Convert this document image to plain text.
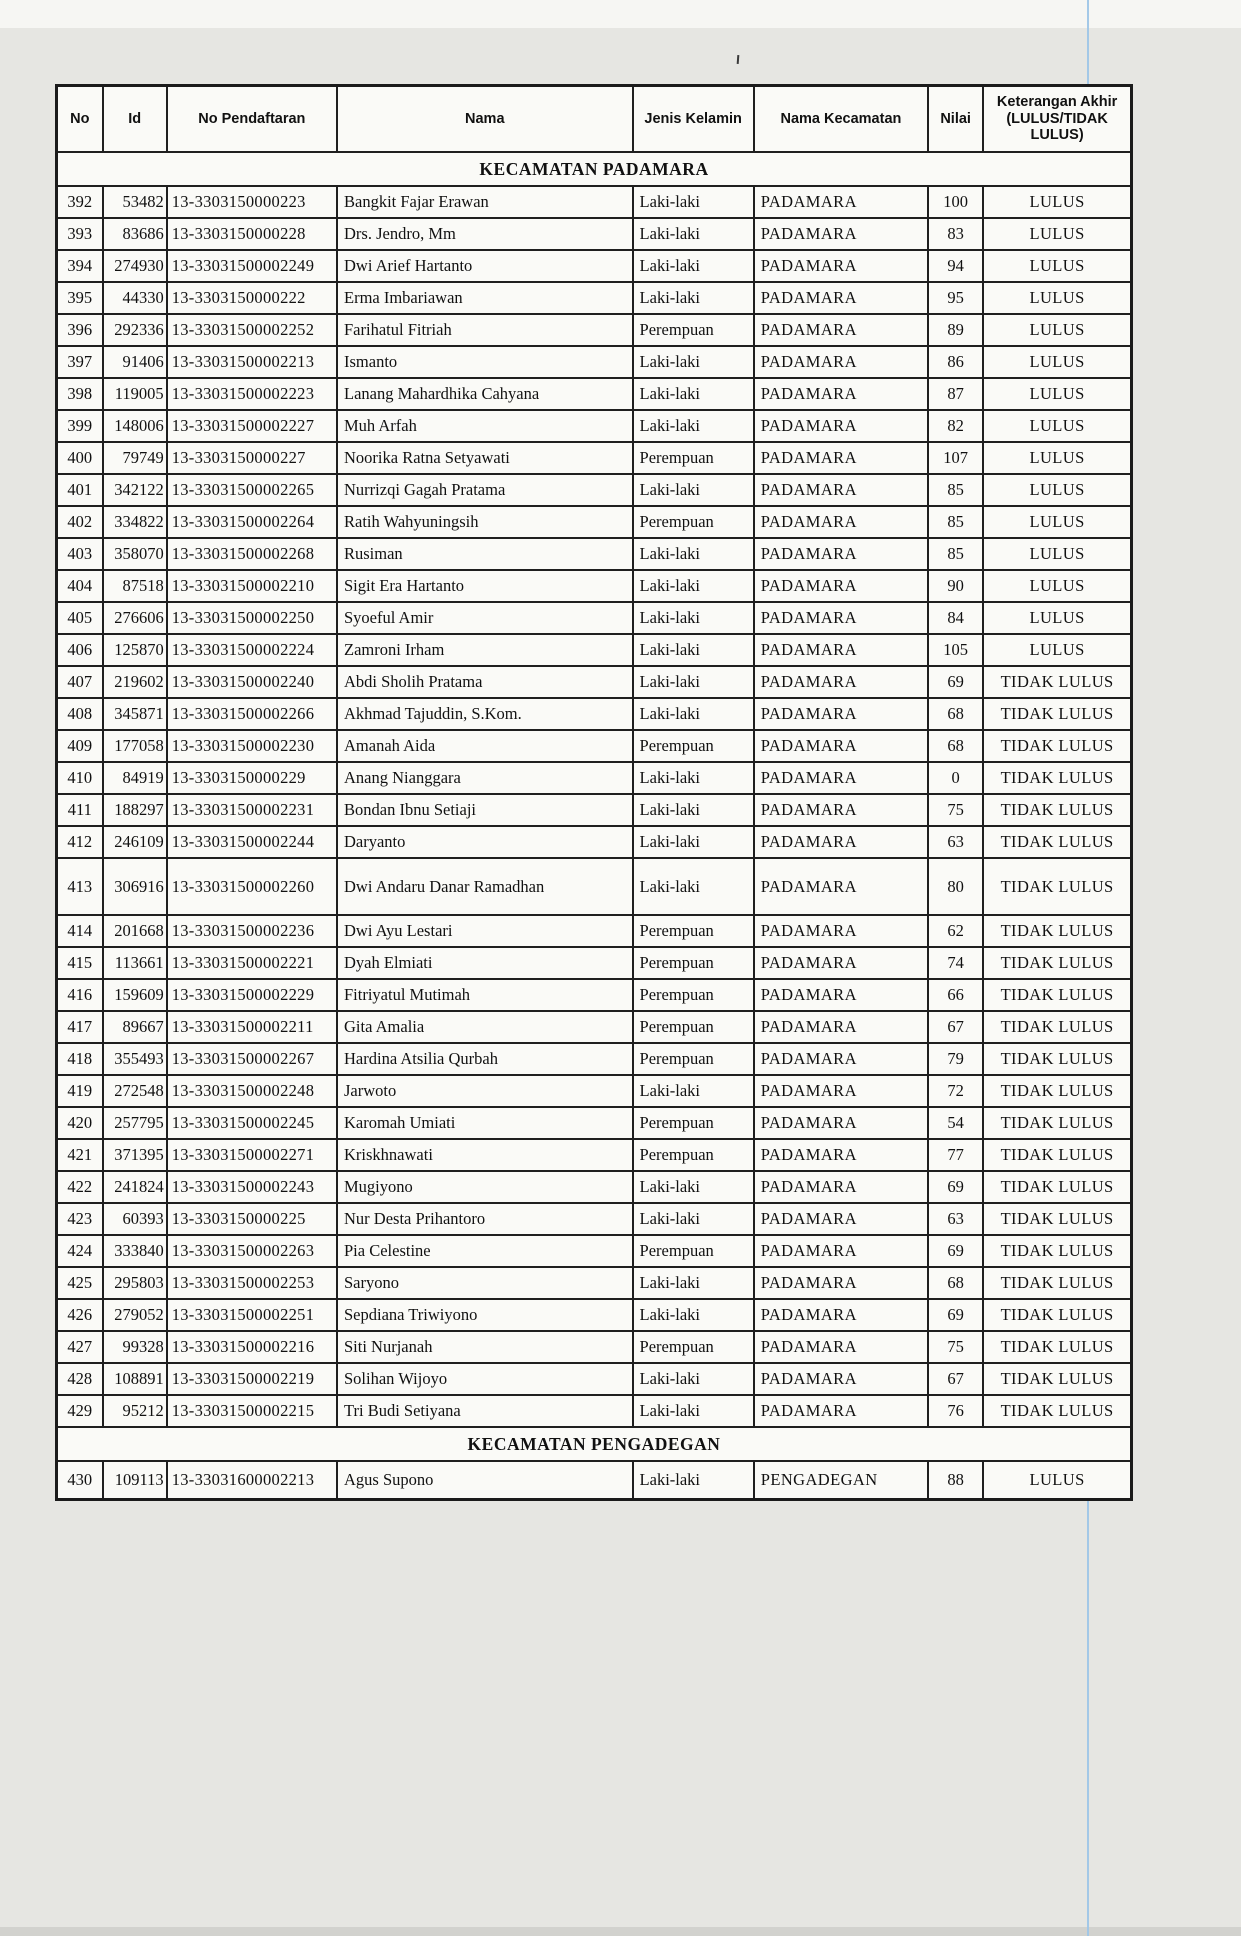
No	Id	No Pendaftaran	Nama	Jenis Kelamin	Nama Kecamatan	Nilai	Keterangan Akhir (LULUS/TIDAK LULUS)
KECAMATAN PADAMARA							
392	53482	13-3303150000223	Bangkit Fajar Erawan	Laki-laki	PADAMARA	100	LULUS
393	83686	13-3303150000228	Drs. Jendro, Mm	Laki-laki	PADAMARA	83	LULUS
394	274930	13-33031500002249	Dwi Arief Hartanto	Laki-laki	PADAMARA	94	LULUS
395	44330	13-3303150000222	Erma Imbariawan	Laki-laki	PADAMARA	95	LULUS
396	292336	13-33031500002252	Farihatul Fitriah	Perempuan	PADAMARA	89	LULUS
397	91406	13-33031500002213	Ismanto	Laki-laki	PADAMARA	86	LULUS
398	119005	13-33031500002223	Lanang Mahardhika Cahyana	Laki-laki	PADAMARA	87	LULUS
399	148006	13-33031500002227	Muh Arfah	Laki-laki	PADAMARA	82	LULUS
400	79749	13-3303150000227	Noorika Ratna Setyawati	Perempuan	PADAMARA	107	LULUS
401	342122	13-33031500002265	Nurrizqi Gagah Pratama	Laki-laki	PADAMARA	85	LULUS
402	334822	13-33031500002264	Ratih Wahyuningsih	Perempuan	PADAMARA	85	LULUS
403	358070	13-33031500002268	Rusiman	Laki-laki	PADAMARA	85	LULUS
404	87518	13-33031500002210	Sigit Era Hartanto	Laki-laki	PADAMARA	90	LULUS
405	276606	13-33031500002250	Syoeful Amir	Laki-laki	PADAMARA	84	LULUS
406	125870	13-33031500002224	Zamroni Irham	Laki-laki	PADAMARA	105	LULUS
407	219602	13-33031500002240	Abdi Sholih Pratama	Laki-laki	PADAMARA	69	TIDAK LULUS
408	345871	13-33031500002266	Akhmad Tajuddin, S.Kom.	Laki-laki	PADAMARA	68	TIDAK LULUS
409	177058	13-33031500002230	Amanah Aida	Perempuan	PADAMARA	68	TIDAK LULUS
410	84919	13-3303150000229	Anang Nianggara	Laki-laki	PADAMARA	0	TIDAK LULUS
411	188297	13-33031500002231	Bondan Ibnu Setiaji	Laki-laki	PADAMARA	75	TIDAK LULUS
412	246109	13-33031500002244	Daryanto	Laki-laki	PADAMARA	63	TIDAK LULUS
413	306916	13-33031500002260	Dwi Andaru Danar Ramadhan	Laki-laki	PADAMARA	80	TIDAK LULUS
414	201668	13-33031500002236	Dwi Ayu Lestari	Perempuan	PADAMARA	62	TIDAK LULUS
415	113661	13-33031500002221	Dyah Elmiati	Perempuan	PADAMARA	74	TIDAK LULUS
416	159609	13-33031500002229	Fitriyatul Mutimah	Perempuan	PADAMARA	66	TIDAK LULUS
417	89667	13-33031500002211	Gita Amalia	Perempuan	PADAMARA	67	TIDAK LULUS
418	355493	13-33031500002267	Hardina Atsilia Qurbah	Perempuan	PADAMARA	79	TIDAK LULUS
419	272548	13-33031500002248	Jarwoto	Laki-laki	PADAMARA	72	TIDAK LULUS
420	257795	13-33031500002245	Karomah Umiati	Perempuan	PADAMARA	54	TIDAK LULUS
421	371395	13-33031500002271	Kriskhnawati	Perempuan	PADAMARA	77	TIDAK LULUS
422	241824	13-33031500002243	Mugiyono	Laki-laki	PADAMARA	69	TIDAK LULUS
423	60393	13-3303150000225	Nur Desta Prihantoro	Laki-laki	PADAMARA	63	TIDAK LULUS
424	333840	13-33031500002263	Pia Celestine	Perempuan	PADAMARA	69	TIDAK LULUS
425	295803	13-33031500002253	Saryono	Laki-laki	PADAMARA	68	TIDAK LULUS
426	279052	13-33031500002251	Sepdiana Triwiyono	Laki-laki	PADAMARA	69	TIDAK LULUS
427	99328	13-33031500002216	Siti Nurjanah	Perempuan	PADAMARA	75	TIDAK LULUS
428	108891	13-33031500002219	Solihan Wijoyo	Laki-laki	PADAMARA	67	TIDAK LULUS
429	95212	13-33031500002215	Tri Budi Setiyana	Laki-laki	PADAMARA	76	TIDAK LULUS
KECAMATAN PENGADEGAN							
430	109113	13-33031600002213	Agus Supono	Laki-laki	PENGADEGAN	88	LULUS
